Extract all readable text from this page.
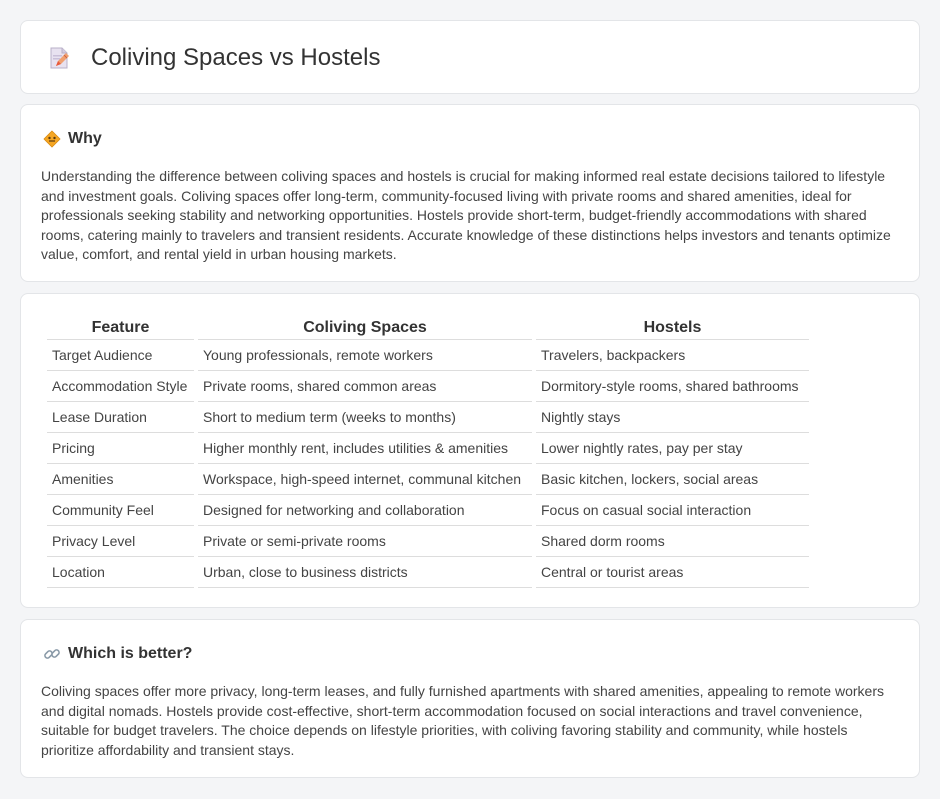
Coliving Spaces vs Hostels
Why

Understanding the difference between coliving spaces and hostels is crucial for making informed real estate decisions tailored to lifestyle and investment goals. Coliving spaces offer long-term, community-focused living with private rooms and shared amenities, ideal for professionals seeking stability and networking opportunities. Hostels provide short-term, budget-friendly accommodations with shared rooms, catering mainly to travelers and transient residents. Accurate knowledge of these distinctions helps investors and tenants optimize value, comfort, and rental yield in urban housing markets.

Feature	Coliving Spaces	Hostels
Target Audience	Young professionals, remote workers	Travelers, backpackers
Accommodation Style	Private rooms, shared common areas	Dormitory-style rooms, shared bathrooms
Lease Duration	Short to medium term (weeks to months)	Nightly stays
Pricing	Higher monthly rent, includes utilities & amenities	Lower nightly rates, pay per stay
Amenities	Workspace, high-speed internet, communal kitchen	Basic kitchen, lockers, social areas
Community Feel	Designed for networking and collaboration	Focus on casual social interaction
Privacy Level	Private or semi-private rooms	Shared dorm rooms
Location	Urban, close to business districts	Central or tourist areas
Which is better?

Coliving spaces offer more privacy, long-term leases, and fully furnished apartments with shared amenities, appealing to remote workers and digital nomads. Hostels provide cost-effective, short-term accommodation focused on social interactions and travel convenience, suitable for budget travelers. The choice depends on lifestyle priorities, with coliving favoring stability and community, while hostels prioritize affordability and transient stays.
